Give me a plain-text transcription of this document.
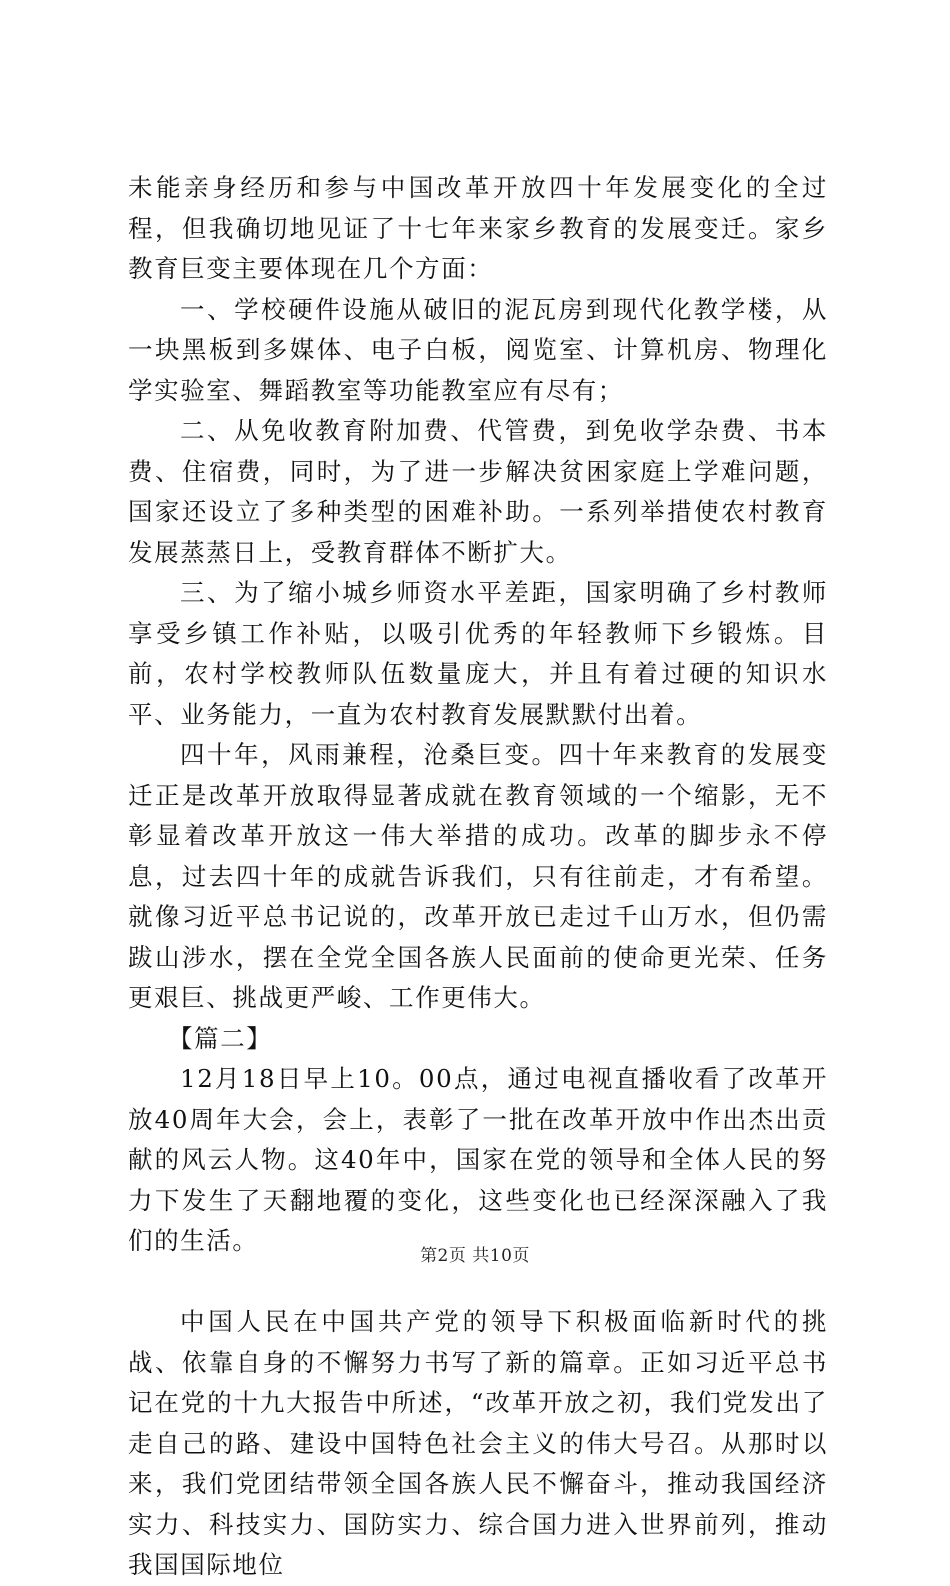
未能亲身经历和参与中国改革开放四十年发展变化的全过程，但我确切地见证了十七年来家乡教育的发展变迁。家乡教育巨变主要体现在几个方面：

一、学校硬件设施从破旧的泥瓦房到现代化教学楼，从一块黑板到多媒体、电子白板，阅览室、计算机房、物理化学实验室、舞蹈教室等功能教室应有尽有；

二、从免收教育附加费、代管费，到免收学杂费、书本费、住宿费，同时，为了进一步解决贫困家庭上学难问题，国家还设立了多种类型的困难补助。一系列举措使农村教育发展蒸蒸日上，受教育群体不断扩大。

三、为了缩小城乡师资水平差距，国家明确了乡村教师享受乡镇工作补贴，以吸引优秀的年轻教师下乡锻炼。目前，农村学校教师队伍数量庞大，并且有着过硬的知识水平、业务能力，一直为农村教育发展默默付出着。

四十年，风雨兼程，沧桑巨变。四十年来教育的发展变迁正是改革开放取得显著成就在教育领域的一个缩影，无不彰显着改革开放这一伟大举措的成功。改革的脚步永不停息，过去四十年的成就告诉我们，只有往前走，才有希望。就像习近平总书记说的，改革开放已走过千山万水，但仍需跋山涉水，摆在全党全国各族人民面前的使命更光荣、任务更艰巨、挑战更严峻、工作更伟大。

【篇二】

12月18日早上10。00点，通过电视直播收看了改革开放40周年大会，会上，表彰了一批在改革开放中作出杰出贡献的风云人物。这40年中，国家在党的领导和全体人民的努力下发生了天翻地覆的变化，这些变化也已经深深融入了我们的生活。

中国人民在中国共产党的领导下积极面临新时代的挑战、依靠自身的不懈努力书写了新的篇章。正如习近平总书记在党的十九大报告中所述，“改革开放之初，我们党发出了走自己的路、建设中国特色社会主义的伟大号召。从那时以来，我们党团结带领全国各族人民不懈奋斗，推动我国经济实力、科技实力、国防实力、综合国力进入世界前列，推动我国国际地位

第2页 共10页
